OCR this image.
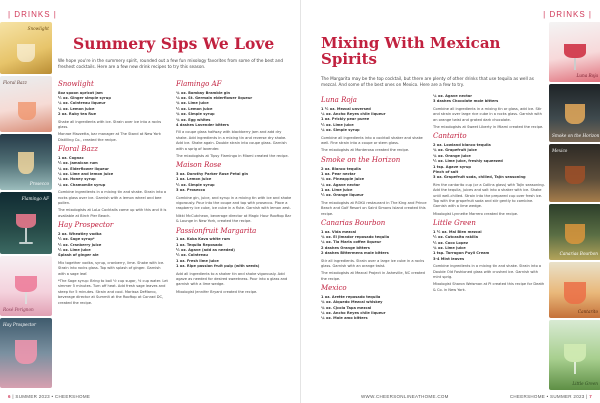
| DRINKS |
Snowlight
Floral Bazz
Prosecco
Flamingo AF
Rosé Perignon
Hay Prospector
Summery Sips We Love
We hope you're in the summery spirit, rounded out a few fun mixology favorites from some of the best and freshest cocktails. Here are a few new drink recipes to try this season.
Snowlight
8oz spoon apricot jam
½ oz. Ginger simple syrup
¼ oz. Cointreau liqueur
¼ oz. Lemon juice
2 oz. Ruby tea Rue

Shake all ingredients with ice. Strain over ice into a rocks glass.

Monroe Mazzetta, bar manager at The Stand at New York Distilling Co., created the recipe.

Floral Bazz
1 oz. Cognac
½ oz. Jamaican rum
¼ oz. Elderflower liqueur
¼ oz. Lime and lemon juice
¼ oz. Honey syrup
¼ oz. Chamomile syrup

Combine ingredients in a mixing tin and shake. Strain into a rocks glass over ice. Garnish with a lemon wheel and bee pollen.

The mixologists at LoLo Cocktails came up with this and it is available at Birch Pier Beach.

Hay Prospector
2 oz. Wheatley vodka
½ oz. Sage syrup*
½ oz. Cranberry juice
½ oz. Lime juice
Splash of ginger ale

Mix together vodka, syrup, cranberry, lime. Shake with ice. Strain into rocks glass. Top with splash of ginger. Garnish with a sage leaf.

*The Sage syrup: Bring to boil ½ cup sugar, ½ cup water. Let simmer 5 minutes. Turn off heat. Add fresh sage leaves and steep for 5 minutes. Strain and cool. Marissa DeMarco, beverage director at Summit at the Rooftop at Conrad DC, created the recipe.

Flamingo AF
¾ oz. Bombay Bramble gin
⅛ oz. St. Germain elderflower liqueur
¾ oz. Lime juice
½ oz. Lemon juice
¾ oz. Simple syrup
¾ oz. Egg whites
4 dashes Lavender bitters

Fill a coupe glass halfway with blackberry jam and add dry shake. Add ingredients in a mixing tin and reverse dry shake. Add ice. Shake again. Double strain into coupe glass. Garnish with a sprig of lavender.

The mixologists at Tipsy Flamingo in Miami created the recipe.

Maison Rose
3 oz. Dorothy Parker Rose Petal gin
1 oz. Lemon juice
½ oz. Simple syrup
3 oz. Prosecco

Combine gin, juice, and syrup in a mixing tin with ice and shake vigorously. Pour into the coupe and top with prosecco. Place a raspberry ice cube, ice cube in a flute. Garnish with lemon zest.

Nikki McCutcheon, beverage director at Magic Hour Rooftop Bar & Lounge in New York, created the recipe.

Passionfruit Margarita
1 oz. Koka Kava white rum
1 oz. Tequila Reposado
½ oz. Agave (add as needed)
½ oz. Cointreau
1 oz. Fresh lime juice
1 oz. Ripe passion fruit pulp (with seeds)

Add all ingredients to a shaker tin and shake vigorously. Add agave as needed for desired sweetness. Pour into a glass and garnish with a lime wedge.

Mixologist Jennifer Bryant created the recipe.

6 | SUMMER 2023 • CHEERSHOME
| DRINKS |
Mixing With Mexican Spirits
The Margarita may be the top cocktail, but there are plenty of other drinks that use tequila as well as mezcal. And some of the best ones on Mexico. Here are a few to try.
Luna Roja
1 ½ oz. Mezcal unversed
¼ oz. Ancho Reyes chile liqueur
1 oz. Prickly pear puree
½ oz. Lime juice
¼ oz. Simple syrup

Combine all ingredients into a cocktail shaker and shake well. Fine strain into a coupe or stem glass.

The mixologists at Monterosa created the recipe.

Smoke on the Horizon
2 oz. Blanco tequila
1 oz. Pear nectar
¾ oz. Pineapple juice
¼ oz. Agave nectar
1 oz. Lime juice
½ oz. Orange liqueur

The mixologists at ROKU restaurant in The King and Prince Beach and Golf Resort on Saint Simons Island created this recipe.

Canarias Bourbon
1 oz. Vida mezcal
¾ oz. El Jimador reposado tequila
¼ oz. Tia Maria coffee liqueur
2 dashes Orange bitters
2 dashes Bittermens mole bitters

Stir all ingredients. Strain over a large ice cube in a rocks glass. Garnish with an orange twist.

The mixologists at Mezcal Project in Asheville, NC created the recipe.

Mexico
1 oz. Arette reposado tequila
¾ oz. Alquedo Mezcal whiskey
¾ oz. Cjcola Tapa mezcal
¼ oz. Ancho Reyes chile liqueur
¼ oz. Mole amo bitters
¼ oz. Agave nectar
3 dashes Chocolate mole bitters

Combine all ingredients in a mixing tin or glass, add ice. Stir and strain over large rice cube in a rocks glass. Garnish with an orange twist and grated dark chocolate.

The mixologists at Sweet Liberty in Miami created the recipe.

Cantarito
2 oz. Lowland blanco tequila
¾ oz. Grapefruit juice
¾ oz. Orange juice
½ oz. Lime juice, freshly squeezed
1 tsp. Agave syrup
Pinch of salt
3 oz. Grapefruit soda, chilled, Tajín seasoning

Rim the cantarito cup (or a Collins glass) with Tajín seasoning. Add the tequila, juices and salt into a shaker with ice. Shake until well-chilled. Strain into the prepared cup over fresh ice. Top with the grapefruit soda and stir gently to combine. Garnish with a lime wedge.

Mixologist Lynnette Marrero created the recipe.

Little Green
1 ½ oz. Mal Bien mezcal
½ oz. Cutcasita rakilla
½ oz. Coco Lopez
¾ oz. Lime juice
1 tsp. Tarragon Puyll Cream
3-4 Mint leaves

Combine ingredients in a mixing tin and shake. Strain into a Double Old Fashioned glass with crushed ice. Garnish with mint sprig.

Mixologist Sharon Weisman at Pi created this recipe for Death & Co. in New York.

Luna Roja
Smoke on the Horizon
Mexico
Canarias Bourbon
Cantarito
Little Green
WWW.CHEERSONLINEATHOME.COM	CHEERSHOME • SUMMER 2023 | 7
